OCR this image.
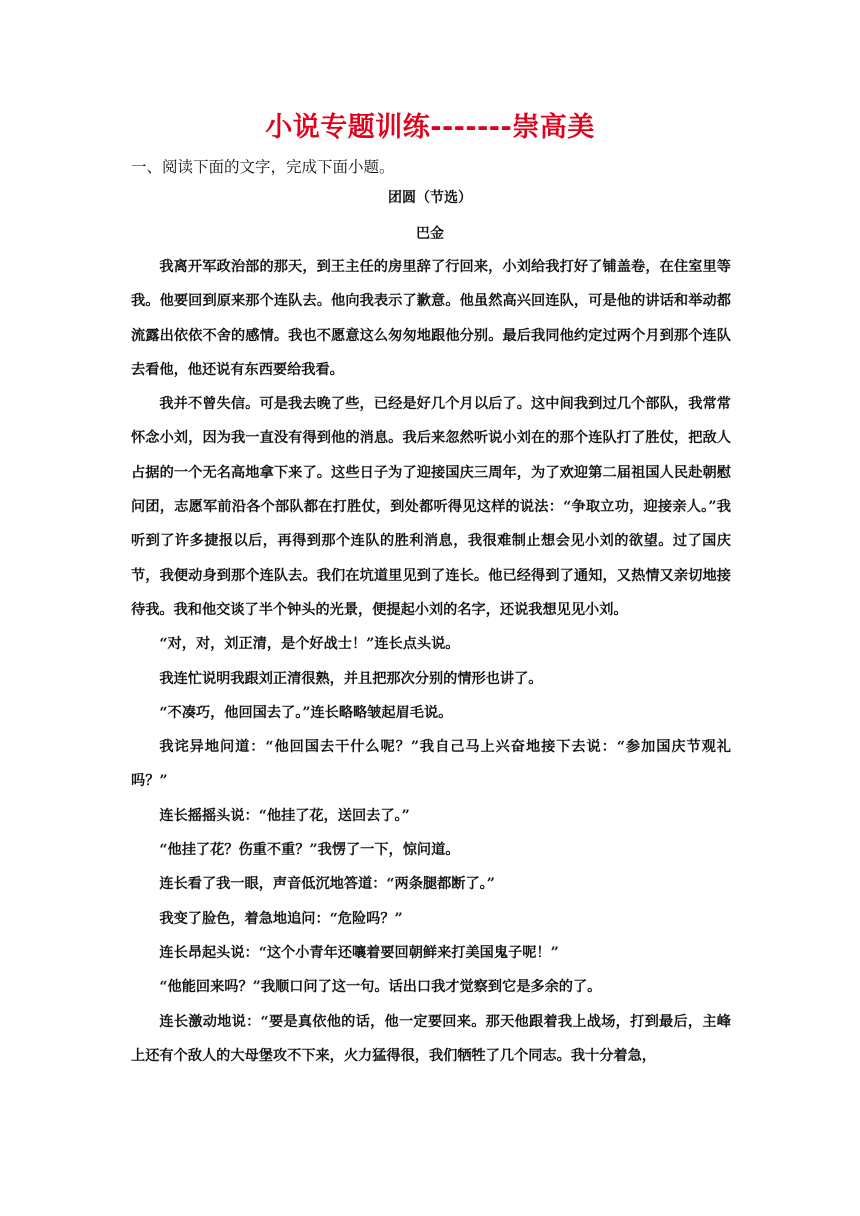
小说专题训练-------崇高美
一、阅读下面的文字，完成下面小题。
团圆（节选）
巴金

我离开军政治部的那天，到王主任的房里辞了行回来，小刘给我打好了铺盖卷，在住室里等我。他要回到原来那个连队去。他向我表示了歉意。他虽然高兴回连队，可是他的讲话和举动都流露出依依不舍的感情。我也不愿意这么匆匆地跟他分别。最后我同他约定过两个月到那个连队去看他，他还说有东西要给我看。

我并不曾失信。可是我去晚了些，已经是好几个月以后了。这中间我到过几个部队，我常常怀念小刘，因为我一直没有得到他的消息。我后来忽然听说小刘在的那个连队打了胜仗，把敌人占据的一个无名高地拿下来了。这些日子为了迎接国庆三周年，为了欢迎第二届祖国人民赴朝慰问团，志愿军前沿各个部队都在打胜仗，到处都听得见这样的说法：“争取立功，迎接亲人。”我听到了许多捷报以后，再得到那个连队的胜利消息，我很难制止想会见小刘的欲望。过了国庆节，我便动身到那个连队去。我们在坑道里见到了连长。他已经得到了通知，又热情又亲切地接待我。我和他交谈了半个钟头的光景，便提起小刘的名字，还说我想见见小刘。

“对，对，刘正清，是个好战士！”连长点头说。

我连忙说明我跟刘正清很熟，并且把那次分别的情形也讲了。

“不凑巧，他回国去了。”连长略略皱起眉毛说。

我诧异地问道：“他回国去干什么呢？”我自己马上兴奋地接下去说：“参加国庆节观礼吗？”

连长摇摇头说：“他挂了花，送回去了。”

“他挂了花？伤重不重？”我愣了一下，惊问道。

连长看了我一眼，声音低沉地答道：“两条腿都断了。”

我变了脸色，着急地追问：“危险吗？”

连长昂起头说：“这个小青年还嚷着要回朝鲜来打美国鬼子呢！”

“他能回来吗？”我顺口问了这一句。话出口我才觉察到它是多余的了。

连长激动地说：“要是真依他的话，他一定要回来。那天他跟着我上战场，打到最后，主峰上还有个敌人的大母堡攻不下来，火力猛得很，我们牺牲了几个同志。我十分着急，
